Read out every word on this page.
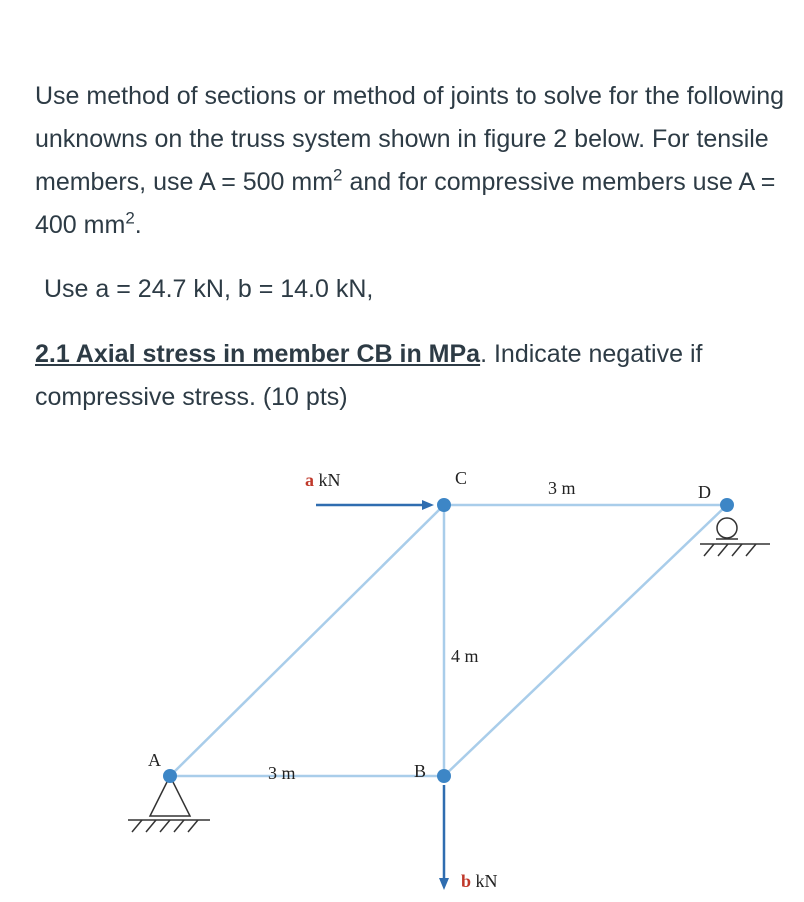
Use method of sections or method of joints to solve for the following unknowns on the truss system shown in figure 2 below. For tensile members, use A = 500 $mm^2$ and for compressive members use A = 400 $mm^2$.
Use a = 24.7 kN, b = 14.0 kN,
2.1 Axial stress in member CB in MPa. Indicate negative if compressive stress. (10 pts)
a kN
b kN
A
B
C
D
3 m
3 m
4 m
